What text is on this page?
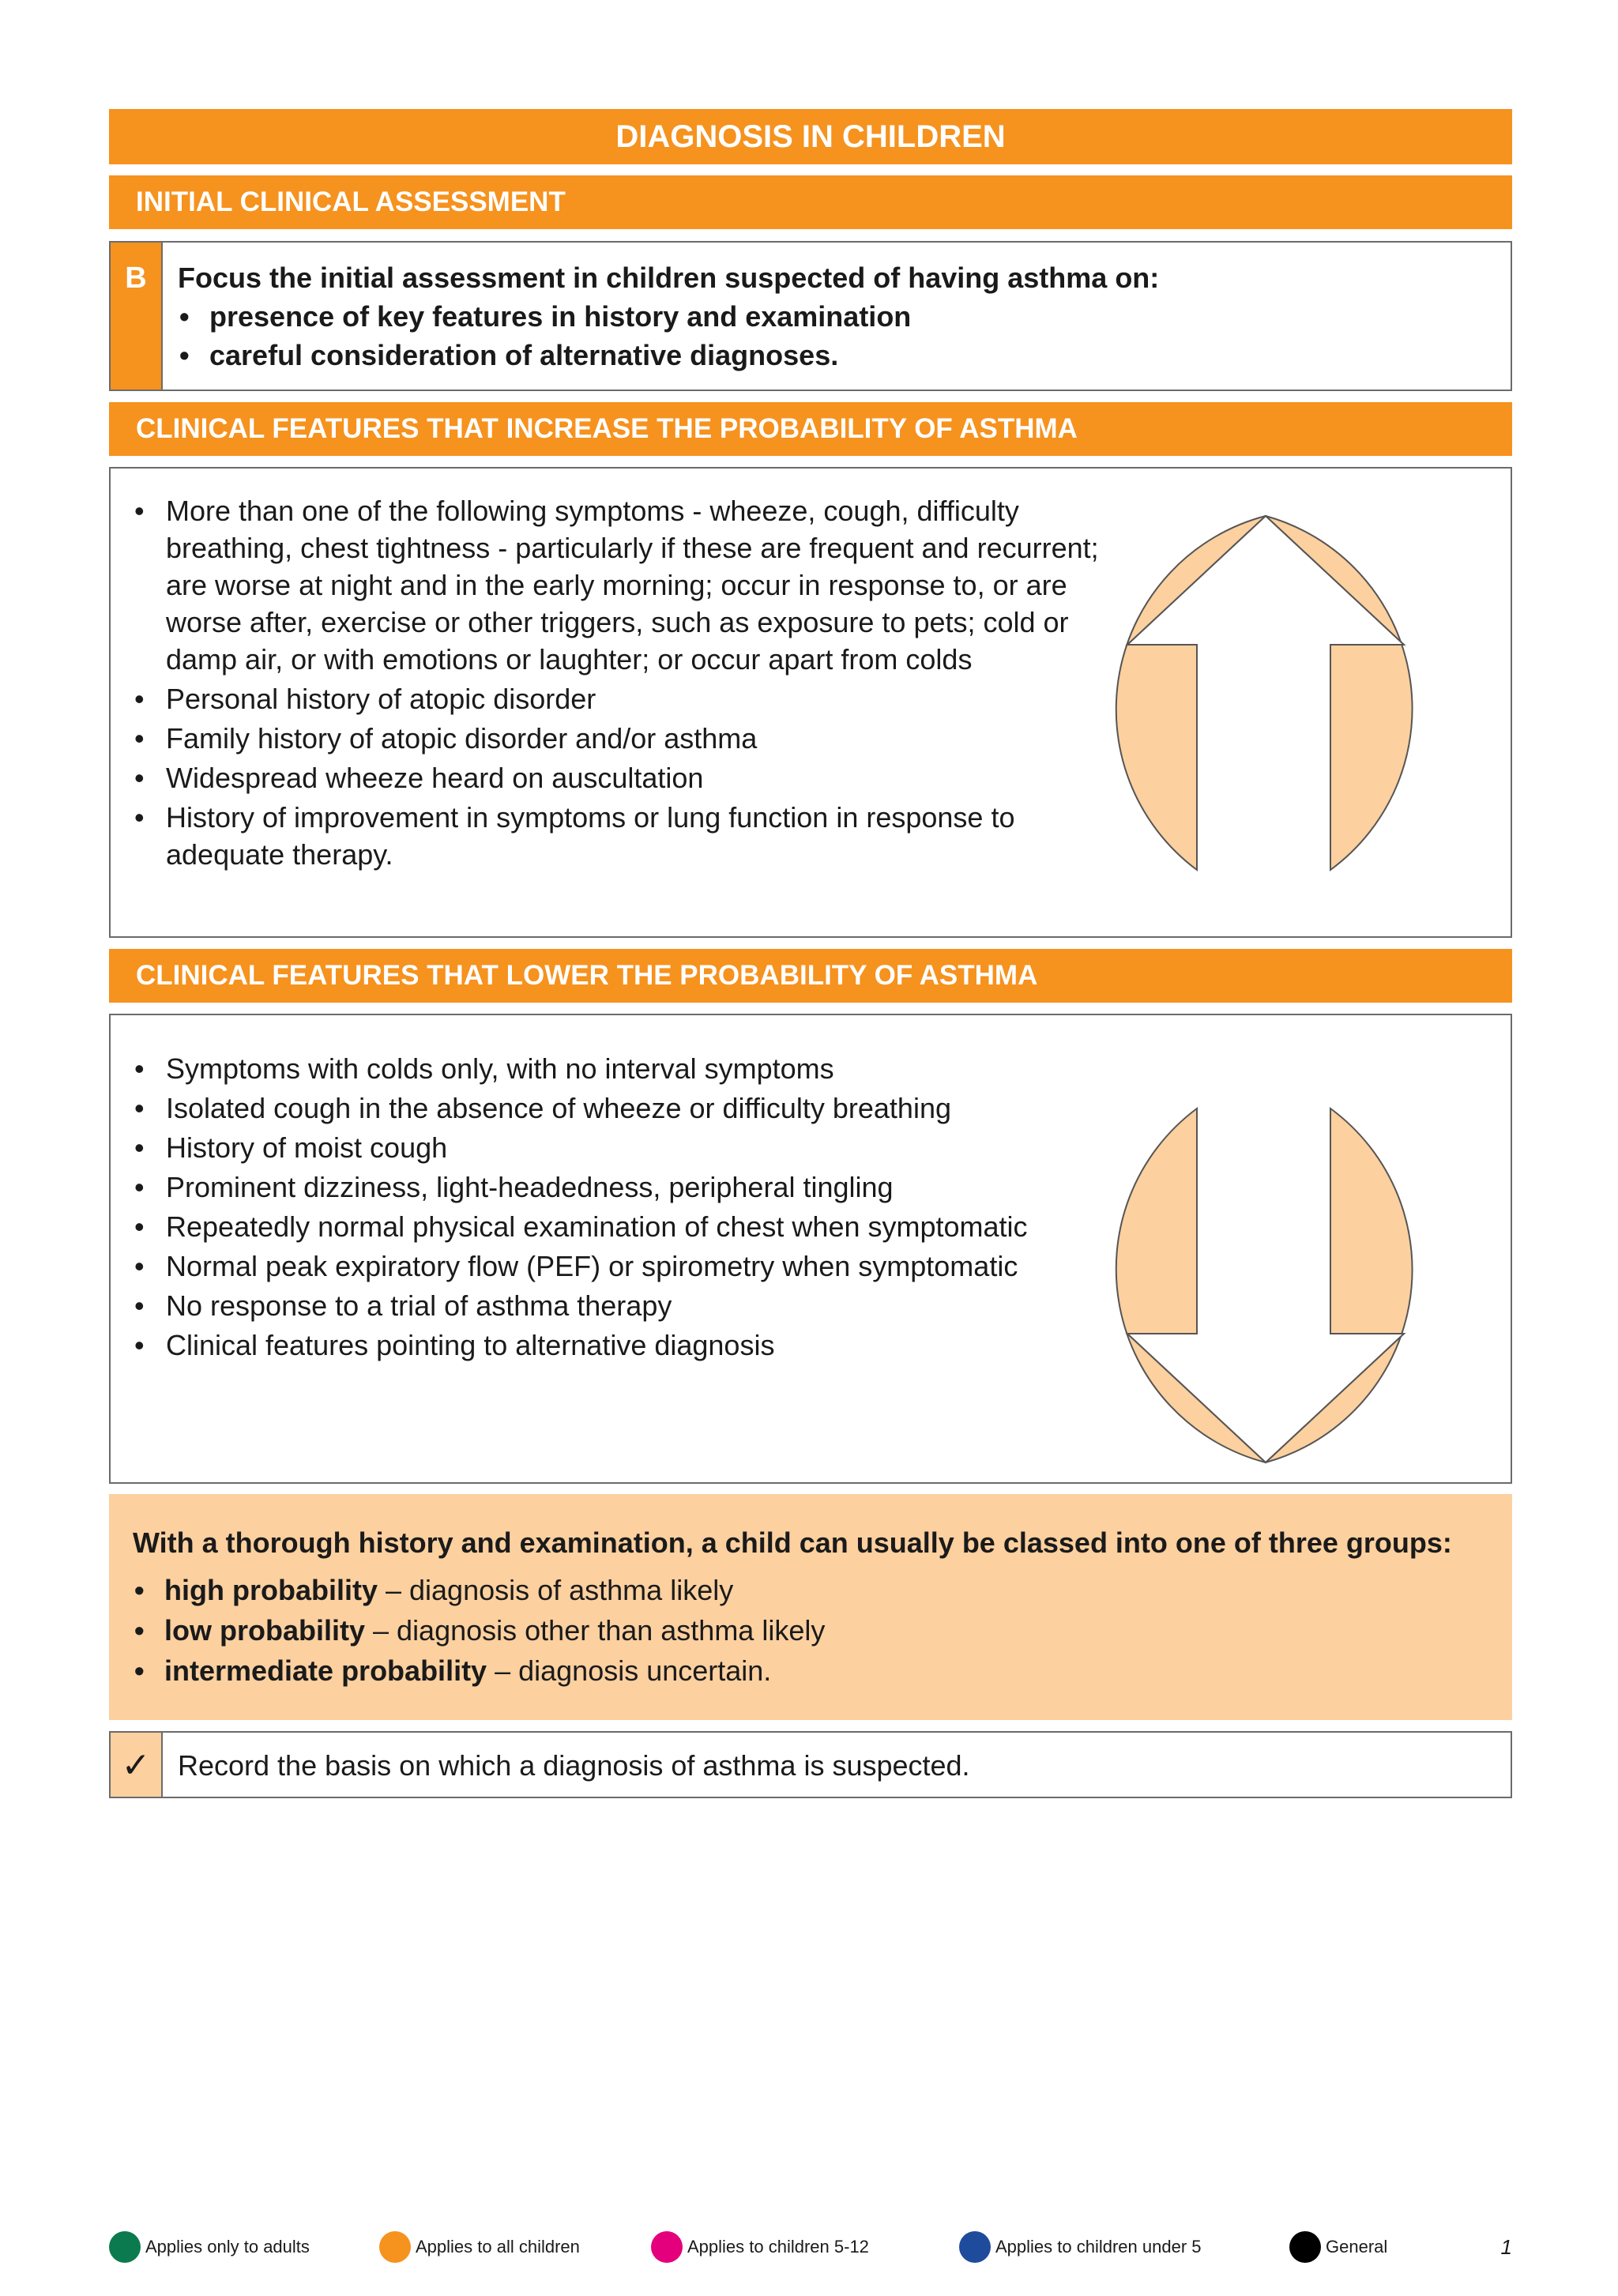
DIAGNOSIS IN CHILDREN
INITIAL CLINICAL ASSESSMENT
B	Focus the initial assessment in children suspected of having asthma on:
• presence of key features in history and examination
• careful consideration of alternative diagnoses.
CLINICAL FEATURES THAT INCREASE THE PROBABILITY OF ASTHMA
• More than one of the following symptoms - wheeze, cough, difficulty breathing, chest tightness - particularly if these are frequent and recurrent; are worse at night and in the early morning; occur in response to, or are worse after, exercise or other triggers, such as exposure to pets; cold or damp air, or with emotions or laughter; or occur apart from colds
• Personal history of atopic disorder
• Family history of atopic disorder and/or asthma
• Widespread wheeze heard on auscultation
• History of improvement in symptoms or lung function in response to adequate therapy.
CLINICAL FEATURES THAT LOWER THE PROBABILITY OF ASTHMA
• Symptoms with colds only, with no interval symptoms
• Isolated cough in the absence of wheeze or difficulty breathing
• History of moist cough
• Prominent dizziness, light-headedness, peripheral tingling
• Repeatedly normal physical examination of chest when symptomatic
• Normal peak expiratory flow (PEF) or spirometry when symptomatic
• No response to a trial of asthma therapy
• Clinical features pointing to alternative diagnosis
With a thorough history and examination, a child can usually be classed into one of three groups:
• high probability – diagnosis of asthma likely
• low probability – diagnosis other than asthma likely
• intermediate probability – diagnosis uncertain.
✓ Record the basis on which a diagnosis of asthma is suspected.
Applies only to adults	Applies to all children	Applies to children 5-12	Applies to children under 5	General	1
